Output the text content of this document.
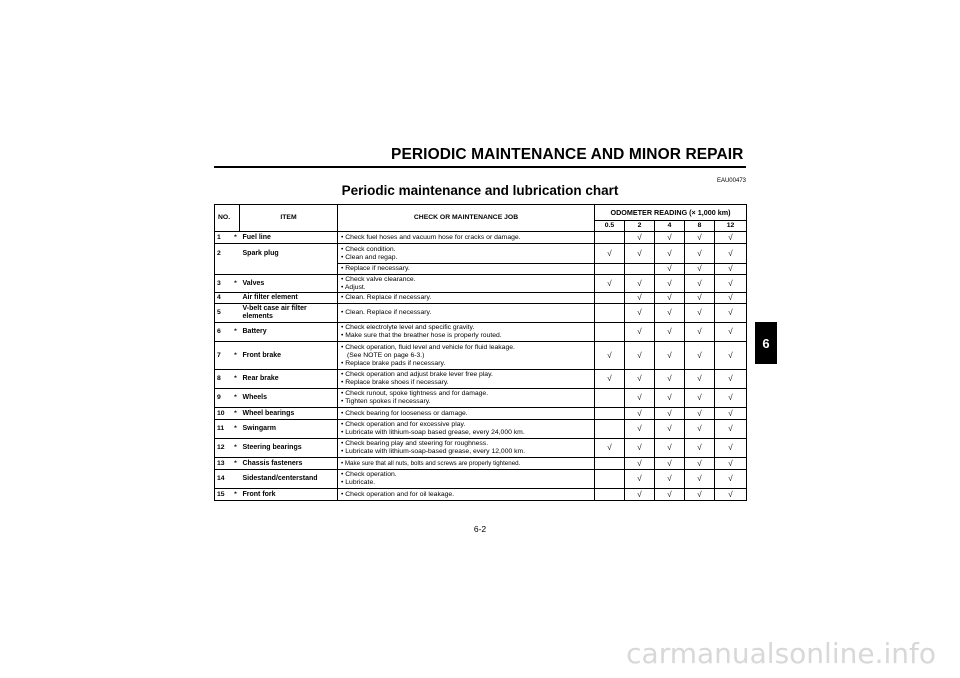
PERIODIC MAINTENANCE AND MINOR REPAIR
EAU00473
Periodic maintenance and lubrication chart
NO.		ITEM	CHECK OR MAINTENANCE JOB	ODOMETER READING (× 1,000 km)				
				0.5	2	4	8	12
1	*	Fuel line	• Check fuel hoses and vacuum hose for cracks or damage.		√	√	√	√
2		Spark plug	• Check condition.
• Clean and regap.	√	√	√	√	√

			• Replace if necessary.			√	√	√
3	*	Valves	• Check valve clearance.
• Adjust.	√	√	√	√	√
4		Air filter element	• Clean. Replace if necessary.		√	√	√	√
5		V-belt case air filter elements	• Clean. Replace if necessary.		√	√	√	√
6	*	Battery	• Check electrolyte level and specific gravity.
• Make sure that the breather hose is properly routed.		√	√	√	√
7	*	Front brake	• Check operation, fluid level and vehicle for fluid leakage.
(See NOTE on page 6-3.)
• Replace brake pads if necessary.	√	√	√	√	√
8	*	Rear brake	• Check operation and adjust brake lever free play.
• Replace brake shoes if necessary.	√	√	√	√	√
9	*	Wheels	• Check runout, spoke tightness and for damage.
• Tighten spokes if necessary.		√	√	√	√
10	*	Wheel bearings	• Check bearing for looseness or damage.		√	√	√	√
11	*	Swingarm	• Check operation and for excessive play.
• Lubricate with lithium-soap based grease, every 24,000 km.		√	√	√	√
12	*	Steering bearings	• Check bearing play and steering for roughness.
• Lubricate with lithium-soap-based grease, every 12,000 km.	√	√	√	√	√
13	*	Chassis fasteners	• Make sure that all nuts, bolts and screws are properly tightened.		√	√	√	√
14		Sidestand/centerstand	• Check operation.
• Lubricate.		√	√	√	√
15	*	Front fork	• Check operation and for oil leakage.		√	√	√	√
6
6-2
carmanualsonline.info
